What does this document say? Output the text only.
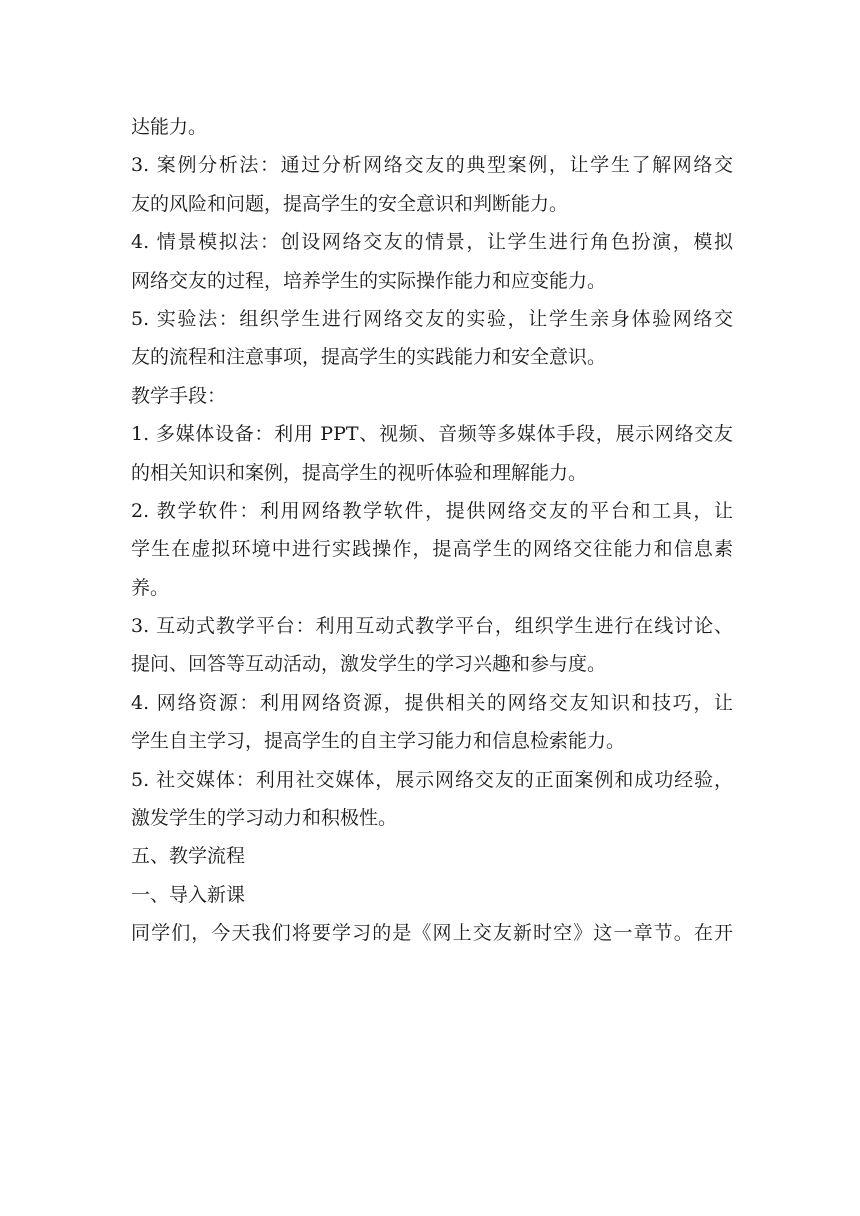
达能力。
3. 案例分析法：通过分析网络交友的典型案例，让学生了解网络交
友的风险和问题，提高学生的安全意识和判断能力。
4. 情景模拟法：创设网络交友的情景，让学生进行角色扮演，模拟
网络交友的过程，培养学生的实际操作能力和应变能力。
5. 实验法：组织学生进行网络交友的实验，让学生亲身体验网络交
友的流程和注意事项，提高学生的实践能力和安全意识。
教学手段：
1. 多媒体设备：利用 PPT、视频、音频等多媒体手段，展示网络交友
的相关知识和案例，提高学生的视听体验和理解能力。
2. 教学软件：利用网络教学软件，提供网络交友的平台和工具，让
学生在虚拟环境中进行实践操作，提高学生的网络交往能力和信息素
养。
3. 互动式教学平台：利用互动式教学平台，组织学生进行在线讨论、
提问、回答等互动活动，激发学生的学习兴趣和参与度。
4. 网络资源：利用网络资源，提供相关的网络交友知识和技巧，让
学生自主学习，提高学生的自主学习能力和信息检索能力。
5. 社交媒体：利用社交媒体，展示网络交友的正面案例和成功经验，
激发学生的学习动力和积极性。
五、教学流程
一、导入新课
同学们，今天我们将要学习的是《网上交友新时空》这一章节。在开
